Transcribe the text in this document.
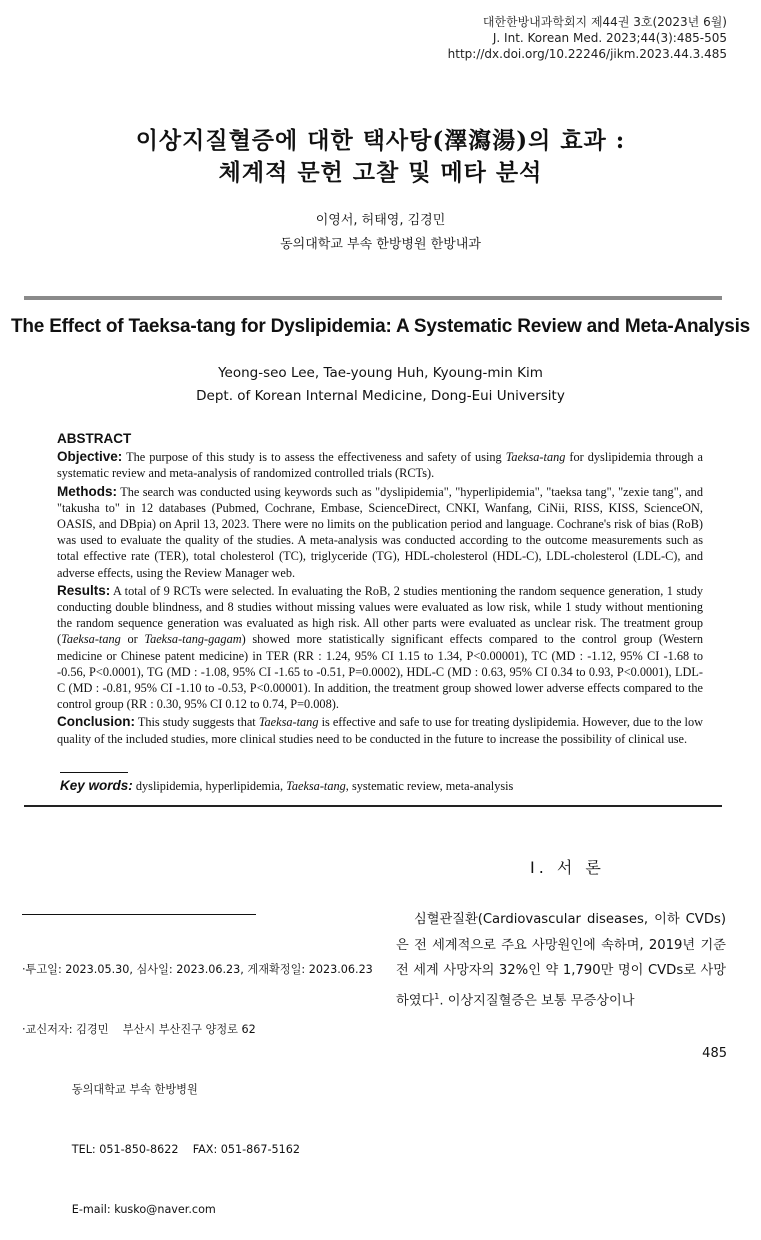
대한한방내과학회지 제44권 3호(2023년 6월)
J. Int. Korean Med. 2023;44(3):485-505
http://dx.doi.org/10.22246/jikm.2023.44.3.485
이상지질혈증에 대한 택사탕(澤瀉湯)의 효과 :
체계적 문헌 고찰 및 메타 분석
이영서, 허태영, 김경민
동의대학교 부속 한방병원 한방내과
The Effect of Taeksa-tang for Dyslipidemia: A Systematic Review and Meta-Analysis
Yeong-seo Lee, Tae-young Huh, Kyoung-min Kim
Dept. of Korean Internal Medicine, Dong-Eui University
ABSTRACT

Objective: The purpose of this study is to assess the effectiveness and safety of using Taeksa-tang for dyslipidemia through a systematic review and meta-analysis of randomized controlled trials (RCTs).

Methods: The search was conducted using keywords such as "dyslipidemia", "hyperlipidemia", "taeksa tang", "zexie tang", and "takusha to" in 12 databases (Pubmed, Cochrane, Embase, ScienceDirect, CNKI, Wanfang, CiNii, RISS, KISS, ScienceON, OASIS, and DBpia) on April 13, 2023. There were no limits on the publication period and language. Cochrane's risk of bias (RoB) was used to evaluate the quality of the studies. A meta-analysis was conducted according to the outcome measurements such as total effective rate (TER), total cholesterol (TC), triglyceride (TG), HDL-cholesterol (HDL-C), LDL-cholesterol (LDL-C), and adverse effects, using the Review Manager web.

Results: A total of 9 RCTs were selected. In evaluating the RoB, 2 studies mentioning the random sequence generation, 1 study conducting double blindness, and 8 studies without missing values were evaluated as low risk, while 1 study without mentioning the random sequence generation was evaluated as high risk. All other parts were evaluated as unclear risk. The treatment group (Taeksa-tang or Taeksa-tang-gagam) showed more statistically significant effects compared to the control group (Western medicine or Chinese patent medicine) in TER (RR : 1.24, 95% CI 1.15 to 1.34, P<0.00001), TC (MD : -1.12, 95% CI -1.68 to -0.56, P<0.0001), TG (MD : -1.08, 95% CI -1.65 to -0.51, P=0.0002), HDL-C (MD : 0.63, 95% CI 0.34 to 0.93, P<0.0001), LDL-C (MD : -0.81, 95% CI -1.10 to -0.53, P<0.00001). In addition, the treatment group showed lower adverse effects compared to the control group (RR : 0.30, 95% CI 0.12 to 0.74, P=0.008).

Conclusion: This study suggests that Taeksa-tang is effective and safe to use for treating dyslipidemia. However, due to the low quality of the included studies, more clinical studies need to be conducted in the future to increase the possibility of clinical use.

Key words: dyslipidemia, hyperlipidemia, Taeksa-tang, systematic review, meta-analysis
Ⅰ. 서 론
심혈관질환(Cardiovascular diseases, 이하 CVDs)은 전 세계적으로 주요 사망원인에 속하며, 2019년 기준 전 세계 사망자의 32%인 약 1,790만 명이 CVDs로 사망하였다$^1$. 이상지질혈증은 보통 무증상이나

·투고일: 2023.05.30, 심사일: 2023.06.23, 게재확정일: 2023.06.23

·교신저자: 김경민    부산시 부산진구 양정로 62

동의대학교 부속 한방병원

TEL: 051-850-8622    FAX: 051-867-5162

E-mail: kusko@naver.com

485
